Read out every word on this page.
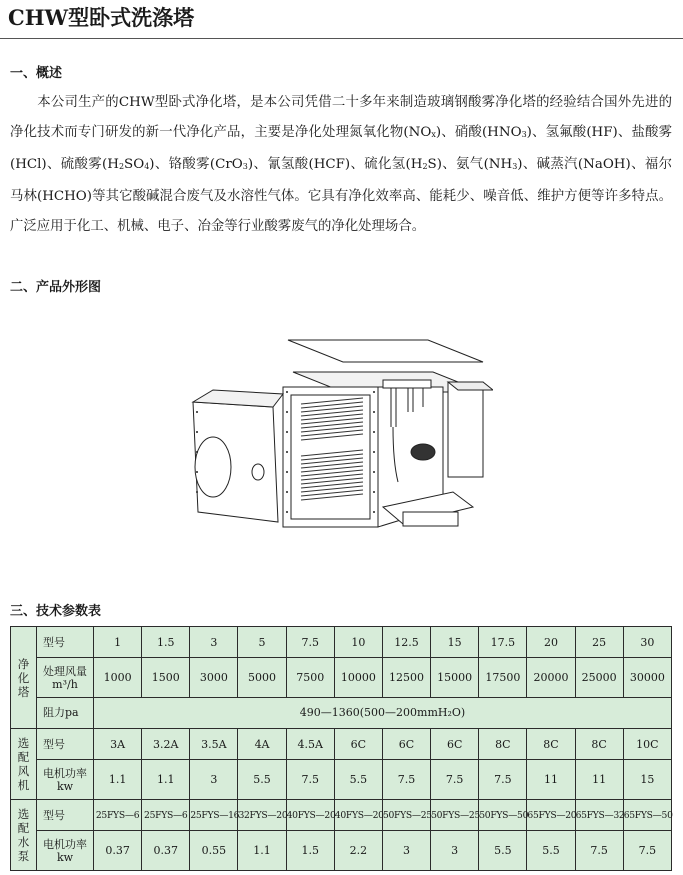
CHW型卧式洗涤塔
一、概述
本公司生产的CHW型卧式净化塔，是本公司凭借二十多年来制造玻璃钢酸雾净化塔的经验结合国外先进的净化技术而专门研发的新一代净化产品，主要是净化处理氮氧化物$(NO_x)$、硝酸$(HNO_3)$、氢氟酸(HF)、盐酸雾(HCl)、硫酸雾$(H_2SO_4)$、铬酸雾(CrO$_3$)、氰氢酸(HCF)、硫化氢$(H_2S)$、氨气$(NH_3)$、碱蒸汽(NaOH)、福尔马林(HCHO)等其它酸碱混合废气及水溶性气体。它具有净化效率高、能耗少、噪音低、维护方便等许多特点。广泛应用于化工、机械、电子、冶金等行业酸雾废气的净化处理场合。
二、产品外形图
三、技术参数表
净
化
塔	型号	1	1.5	3	5	7.5	10	12.5	15	17.5	20	25	30
	处理风量
m³/h	1000	1500	3000	5000	7500	10000	12500	15000	17500	20000	25000	30000
	阻力pa	490—1360(500—200mmH₂O)											
选
配
风
机	型号	3A	3.2A	3.5A	4A	4.5A	6C	6C	6C	8C	8C	8C	10C
	电机功率
kw	1.1	1.1	3	5.5	7.5	5.5	7.5	7.5	7.5	11	11	15
选
配
水
泵	型号	25FYS—6	25FYS—6	25FYS—16	32FYS—20	40FYS—20	40FYS—20	50FYS—25	50FYS—25	50FYS—50	65FYS—20	65FYS—32	65FYS—50
	电机功率
kw	0.37	0.37	0.55	1.1	1.5	2.2	3	3	5.5	5.5	7.5	7.5
